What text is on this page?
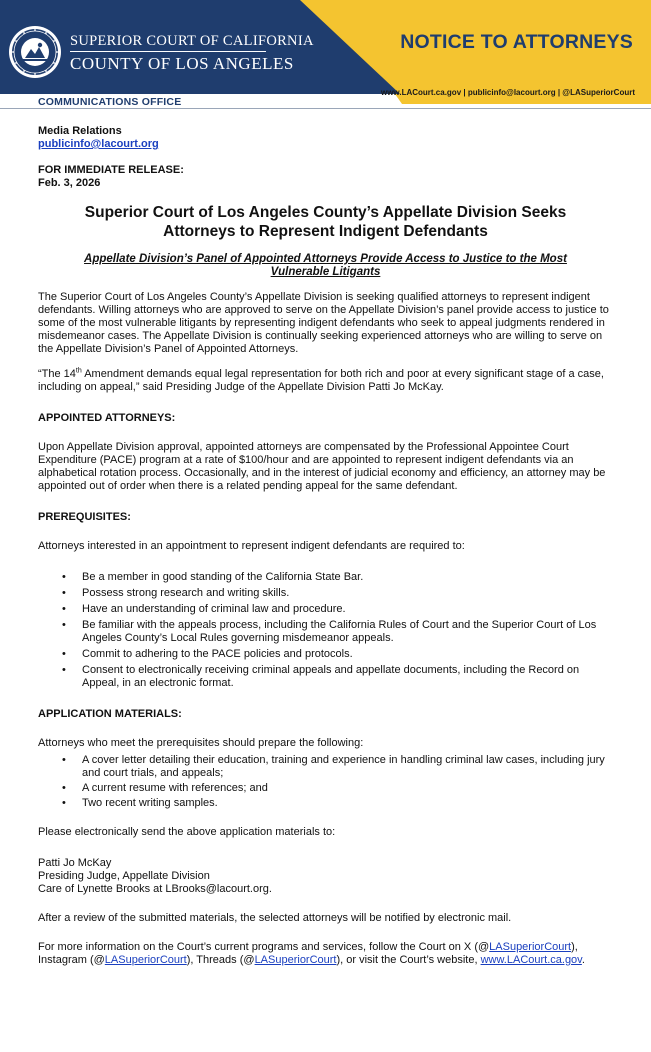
SUPERIOR COURT OF CALIFORNIA
COUNTY OF LOS ANGELES
NOTICE TO ATTORNEYS
www.LACourt.ca.gov | publicinfo@lacourt.org | @LASuperiorCourt
COMMUNICATIONS OFFICE
Media Relations
publicinfo@lacourt.org
FOR IMMEDIATE RELEASE:
Feb. 3, 2026
Superior Court of Los Angeles County’s Appellate Division Seeks Attorneys to Represent Indigent Defendants
Appellate Division’s Panel of Appointed Attorneys Provide Access to Justice to the Most Vulnerable Litigants

The Superior Court of Los Angeles County’s Appellate Division is seeking qualified attorneys to represent indigent defendants. Willing attorneys who are approved to serve on the Appellate Division’s panel provide access to justice to some of the most vulnerable litigants by representing indigent defendants who seek to appeal judgments rendered in misdemeanor cases. The Appellate Division is continually seeking experienced attorneys who are willing to serve on the Appellate Division’s Panel of Appointed Attorneys.

“The 14th Amendment demands equal legal representation for both rich and poor at every significant stage of a case, including on appeal,” said Presiding Judge of the Appellate Division Patti Jo McKay.

APPOINTED ATTORNEYS:

Upon Appellate Division approval, appointed attorneys are compensated by the Professional Appointee Court Expenditure (PACE) program at a rate of $100/hour and are appointed to represent indigent defendants via an alphabetical rotation process. Occasionally, and in the interest of judicial economy and efficiency, an attorney may be appointed out of order when there is a related pending appeal for the same defendant.

PREREQUISITES:

Attorneys interested in an appointment to represent indigent defendants are required to:

• Be a member in good standing of the California State Bar.
• Possess strong research and writing skills.
• Have an understanding of criminal law and procedure.
• Be familiar with the appeals process, including the California Rules of Court and the Superior Court of Los Angeles County’s Local Rules governing misdemeanor appeals.
• Commit to adhering to the PACE policies and protocols.
• Consent to electronically receiving criminal appeals and appellate documents, including the Record on Appeal, in an electronic format.
APPLICATION MATERIALS:

Attorneys who meet the prerequisites should prepare the following:

• A cover letter detailing their education, training and experience in handling criminal law cases, including jury and court trials, and appeals;
• A current resume with references; and
• Two recent writing samples.

Please electronically send the above application materials to:

Patti Jo McKay

Presiding Judge, Appellate Division

Care of Lynette Brooks at LBrooks@lacourt.org.

After a review of the submitted materials, the selected attorneys will be notified by electronic mail.

For more information on the Court’s current programs and services, follow the Court on X (@LASuperiorCourt), Instagram (@LASuperiorCourt), Threads (@LASuperiorCourt), or visit the Court’s website, www.LACourt.ca.gov.
